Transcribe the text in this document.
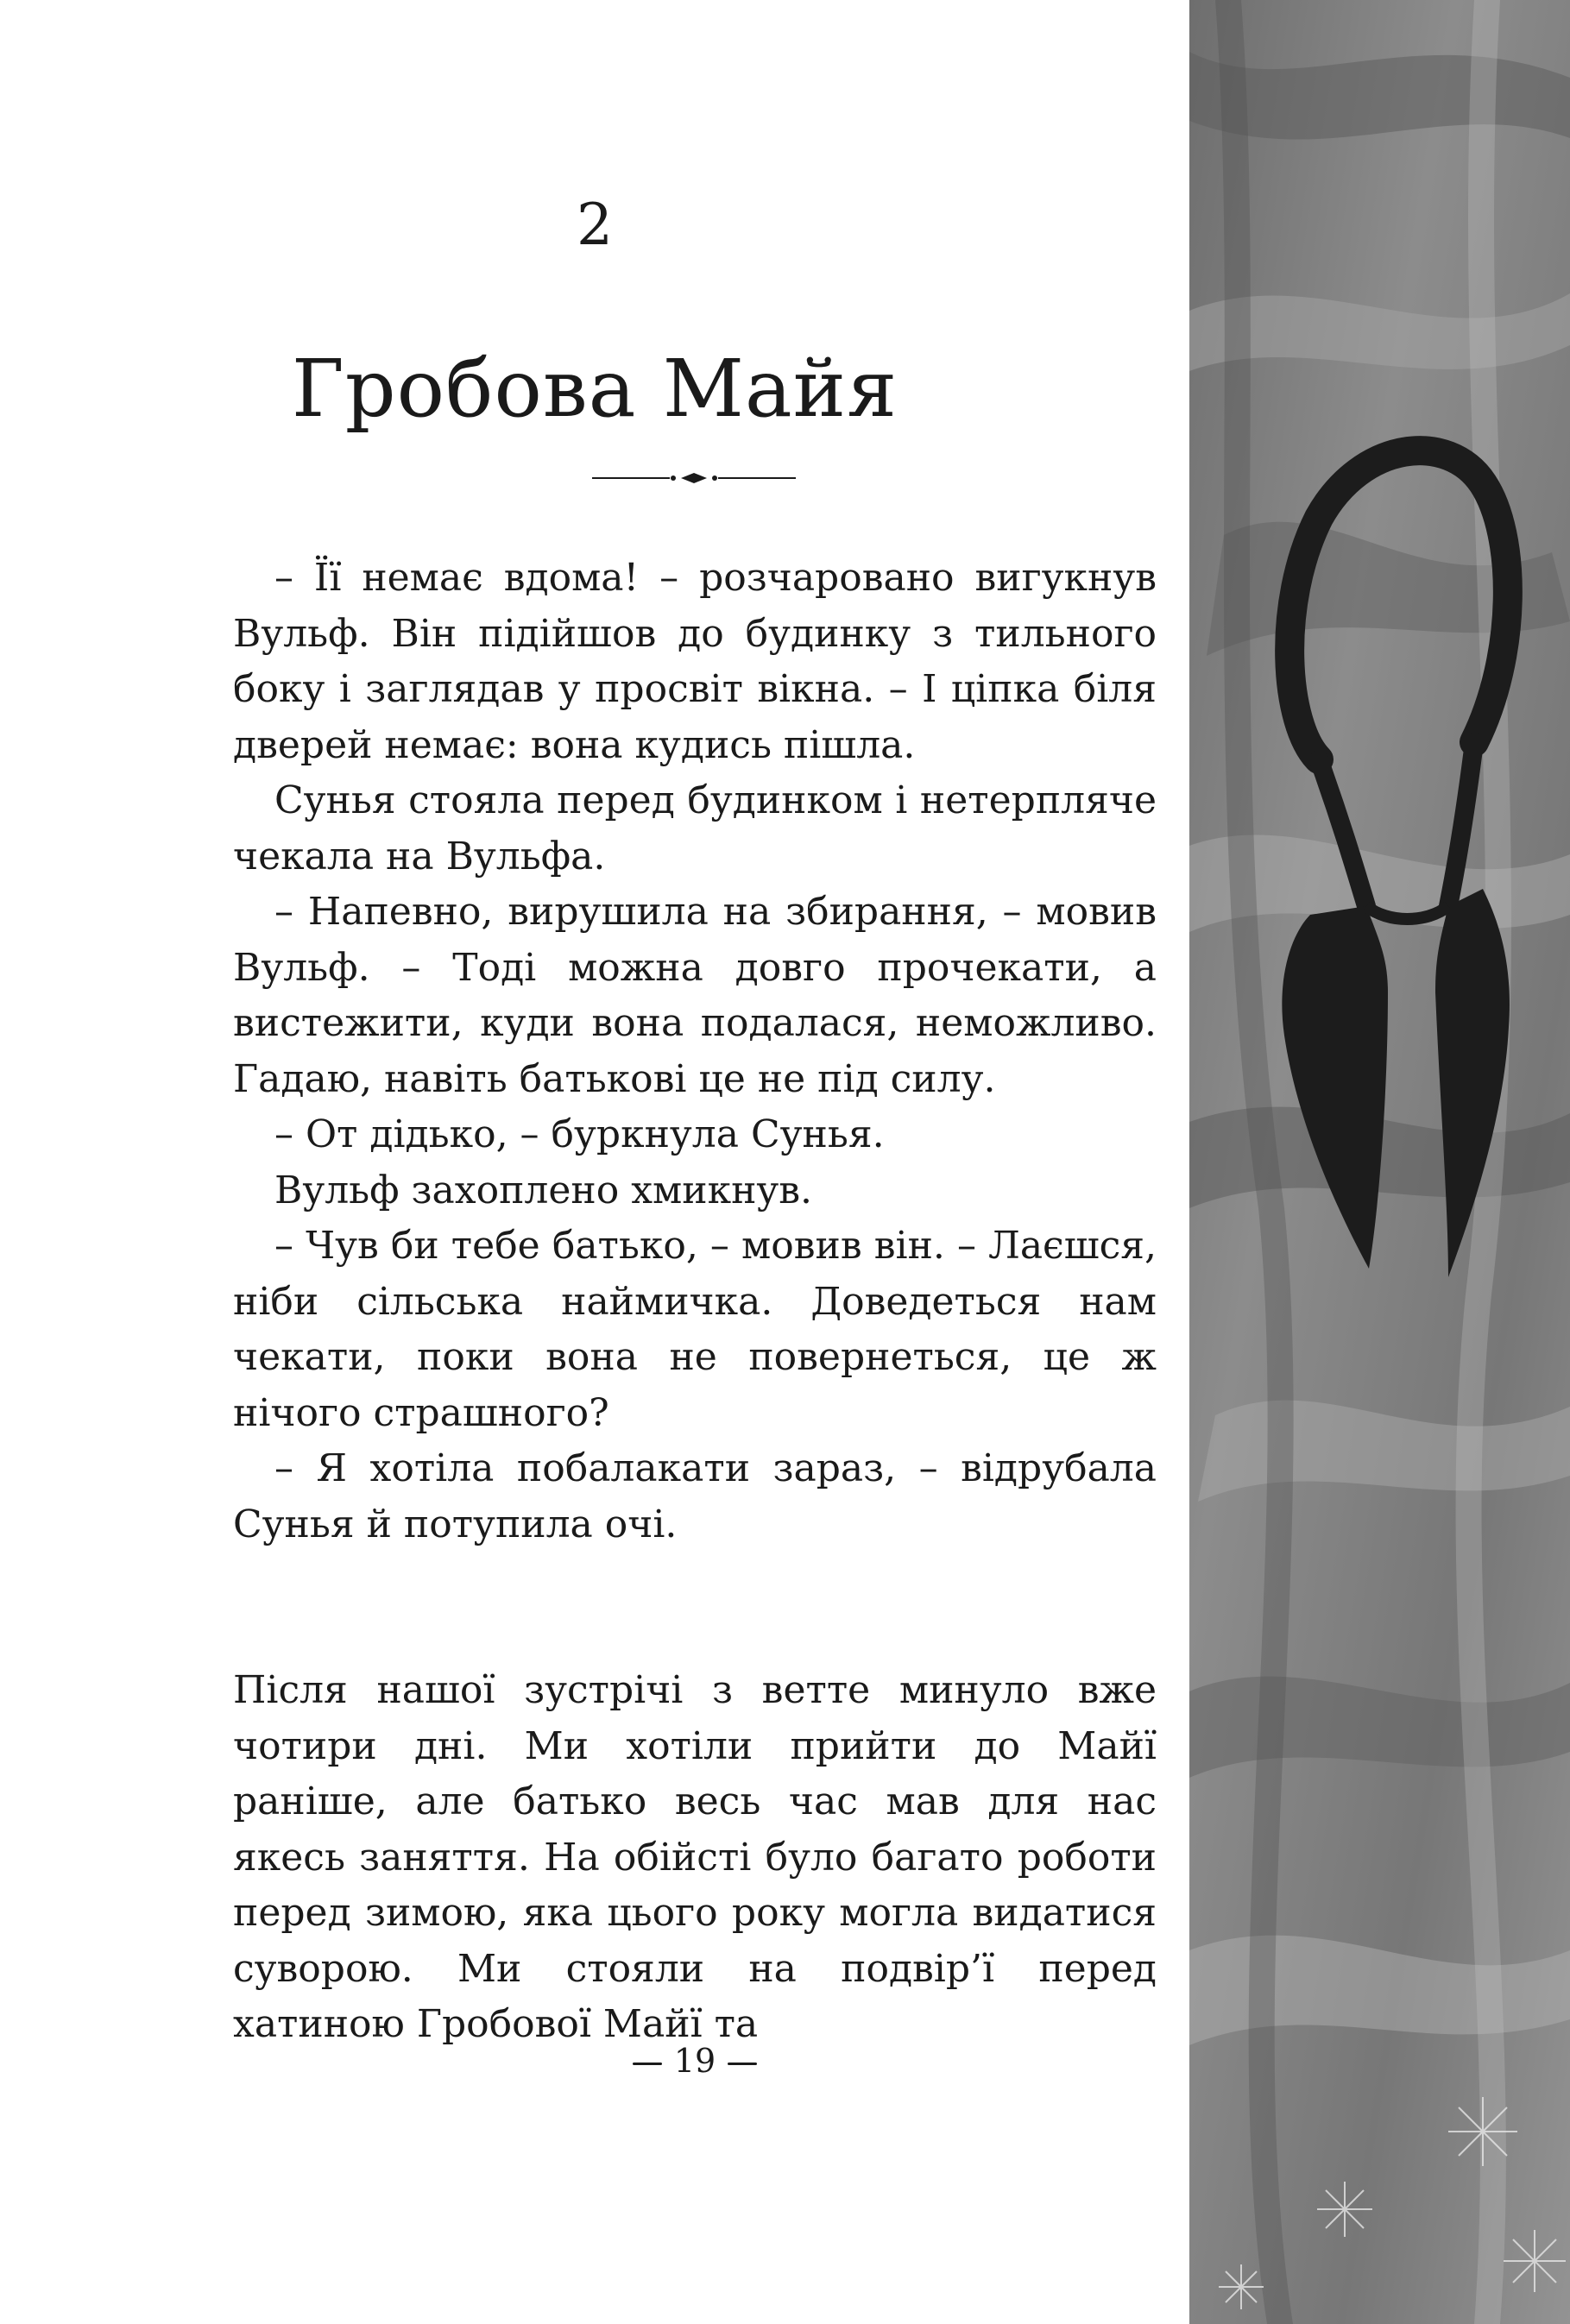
2
Гробова Майя

– Її немає вдома! – розчаровано вигукнув Вульф. Він підійшов до будинку з тильного боку і заглядав у просвіт вікна. – І ціпка біля дверей немає: вона кудись пішла.

Сунья стояла перед будинком і нетерпляче чекала на Вульфа.

– Напевно, вирушила на збирання, – мовив Вульф. – Тоді можна довго прочекати, а вистежити, куди вона подалася, неможливо. Гадаю, навіть батькові це не під силу.

– От дідько, – буркнула Сунья.

Вульф захоплено хмикнув.

– Чув би тебе батько, – мовив він. – Лаєшся, ніби сільська наймичка. Доведеться нам чекати, поки вона не повернеться, це ж нічого страшного?

– Я хотіла побалакати зараз, – відрубала Сунья й потупила очі.

Після нашої зустрічі з ветте минуло вже чотири дні. Ми хотіли прийти до Майї раніше, але батько весь час мав для нас якесь заняття. На обійсті було багато роботи перед зимою, яка цього року могла видатися суворою. Ми стояли на подвір’ї перед хатиною Гробової Майї та

19
